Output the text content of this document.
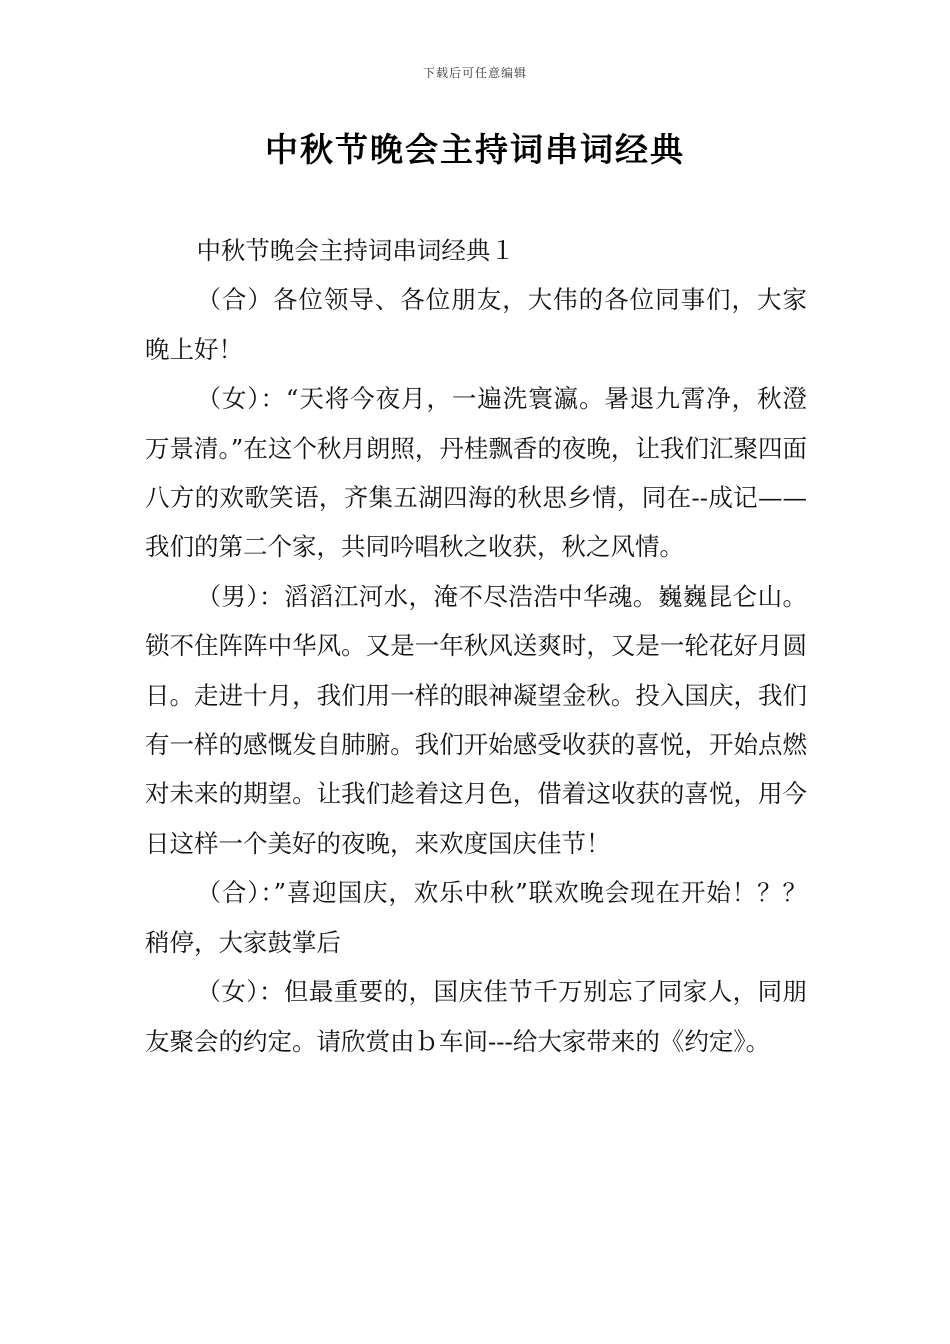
下载后可任意编辑
中秋节晚会主持词串词经典

中秋节晚会主持词串词经典１

（合）各位领导、各位朋友，大伟的各位同事们，大家晚上好！

（女）：“天将今夜月，一遍洗寰瀛。暑退九霄净，秋澄万景清。”在这个秋月朗照，丹桂飘香的夜晚，让我们汇聚四面八方的欢歌笑语，齐集五湖四海的秋思乡情，同在--成记——我们的第二个家，共同吟唱秋之收获，秋之风情。

（男）：滔滔江河水，淹不尽浩浩中华魂。巍巍昆仑山。锁不住阵阵中华风。又是一年秋风送爽时，又是一轮花好月圆日。走进十月，我们用一样的眼神凝望金秋。投入国庆，我们有一样的感慨发自肺腑。我们开始感受收获的喜悦，开始点燃对未来的期望。让我们趁着这月色，借着这收获的喜悦，用今日这样一个美好的夜晚，来欢度国庆佳节！

（合）：”喜迎国庆，欢乐中秋”联欢晚会现在开始！？？稍停，大家鼓掌后

（女）：但最重要的，国庆佳节千万别忘了同家人，同朋友聚会的约定。请欣赏由ｂ车间---给大家带来的《约定》。
